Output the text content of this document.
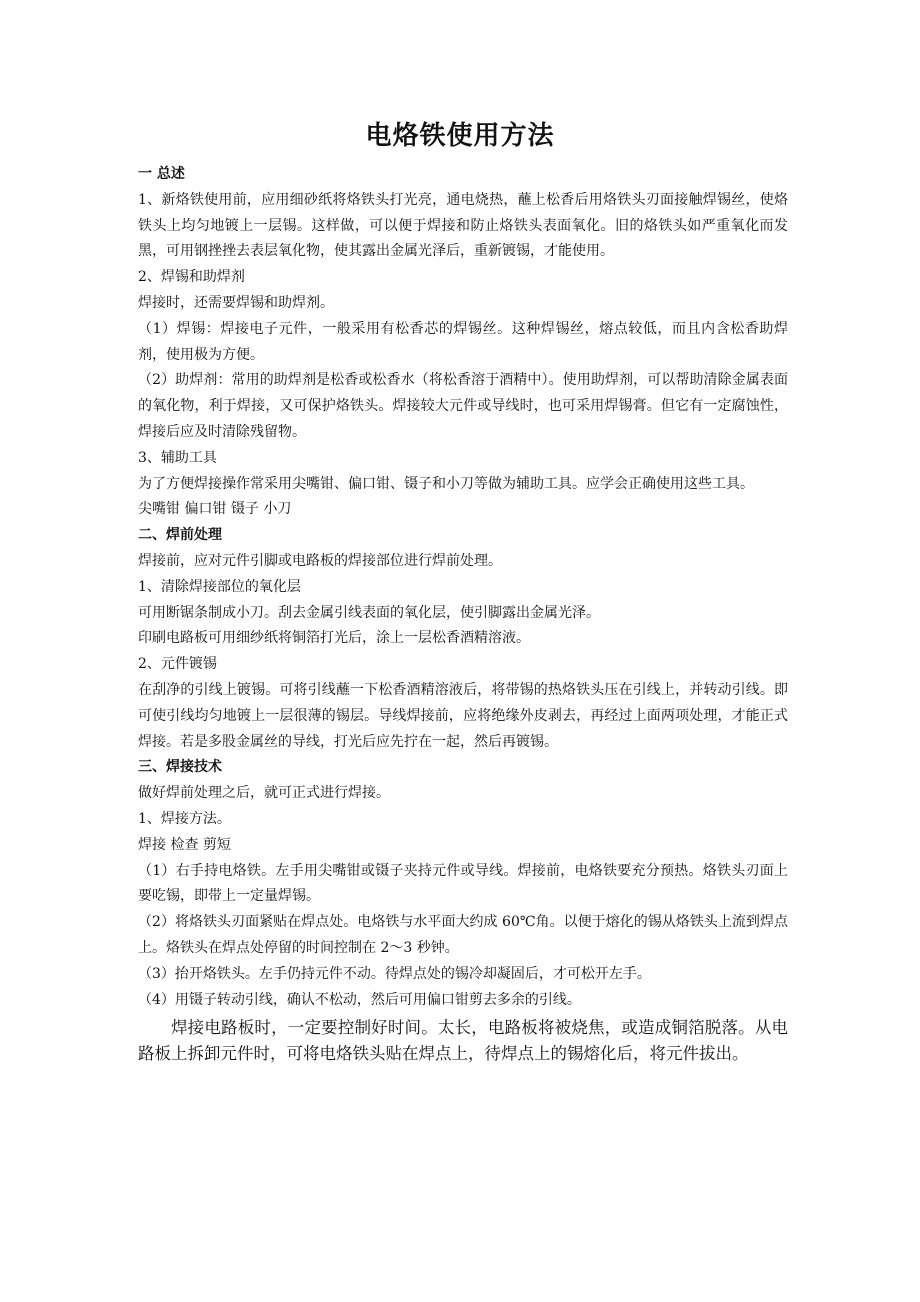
电烙铁使用方法

一 总述

1、新烙铁使用前，应用细砂纸将烙铁头打光亮，通电烧热，蘸上松香后用烙铁头刃面接触焊锡丝，使烙铁头上均匀地镀上一层锡。这样做，可以便于焊接和防止烙铁头表面氧化。旧的烙铁头如严重氧化而发黑，可用钢挫挫去表层氧化物，使其露出金属光泽后，重新镀锡，才能使用。

2、焊锡和助焊剂

焊接时，还需要焊锡和助焊剂。

（1）焊锡：焊接电子元件，一般采用有松香芯的焊锡丝。这种焊锡丝，熔点较低，而且内含松香助焊剂，使用极为方便。

（2）助焊剂：常用的助焊剂是松香或松香水（将松香溶于酒精中）。使用助焊剂，可以帮助清除金属表面的氧化物，利于焊接，又可保护烙铁头。焊接较大元件或导线时，也可采用焊锡膏。但它有一定腐蚀性，焊接后应及时清除残留物。

3、辅助工具

为了方便焊接操作常采用尖嘴钳、偏口钳、镊子和小刀等做为辅助工具。应学会正确使用这些工具。

尖嘴钳 偏口钳 镊子 小刀

二、焊前处理

焊接前，应对元件引脚或电路板的焊接部位进行焊前处理。

1、清除焊接部位的氧化层

可用断锯条制成小刀。刮去金属引线表面的氧化层，使引脚露出金属光泽。

印刷电路板可用细纱纸将铜箔打光后，涂上一层松香酒精溶液。

2、元件镀锡

在刮净的引线上镀锡。可将引线蘸一下松香酒精溶液后，将带锡的热烙铁头压在引线上，并转动引线。即可使引线均匀地镀上一层很薄的锡层。导线焊接前，应将绝缘外皮剥去，再经过上面两项处理，才能正式焊接。若是多股金属丝的导线，打光后应先拧在一起，然后再镀锡。

三、焊接技术

做好焊前处理之后，就可正式进行焊接。

1、焊接方法。

焊接 检查 剪短

（1）右手持电烙铁。左手用尖嘴钳或镊子夹持元件或导线。焊接前，电烙铁要充分预热。烙铁头刃面上要吃锡，即带上一定量焊锡。

（2）将烙铁头刃面紧贴在焊点处。电烙铁与水平面大约成 60℃角。以便于熔化的锡从烙铁头上流到焊点上。烙铁头在焊点处停留的时间控制在 2～3 秒钟。

（3）抬开烙铁头。左手仍持元件不动。待焊点处的锡冷却凝固后，才可松开左手。

（4）用镊子转动引线，确认不松动，然后可用偏口钳剪去多余的引线。

焊接电路板时，一定要控制好时间。太长，电路板将被烧焦，或造成铜箔脱落。从电路板上拆卸元件时，可将电烙铁头贴在焊点上，待焊点上的锡熔化后，将元件拔出。
